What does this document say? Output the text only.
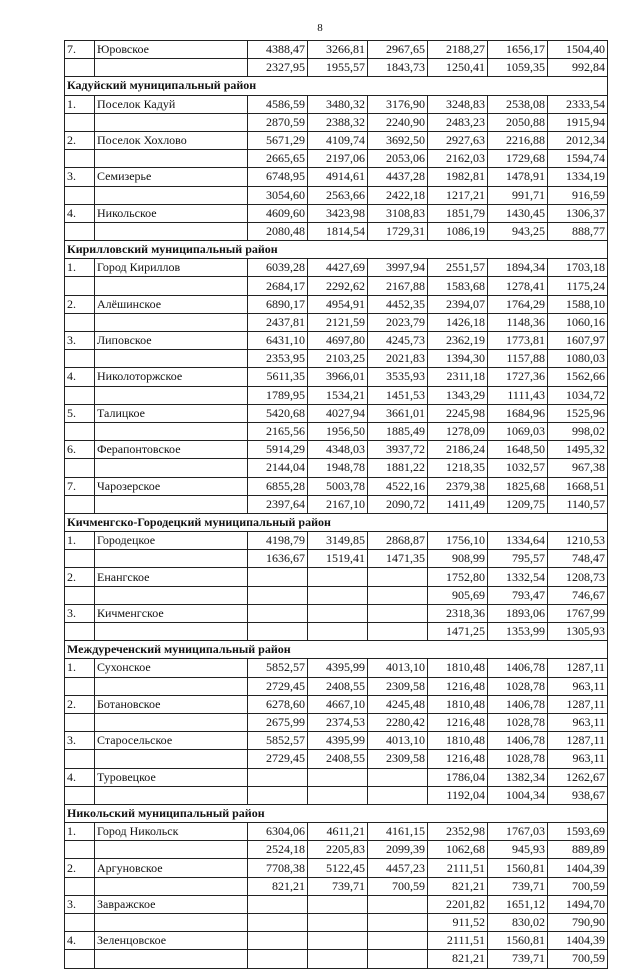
8
7.	Юровское	4388,47	3266,81	2967,65	2188,27	1656,17	1504,40
		2327,95	1955,57	1843,73	1250,41	1059,35	992,84
Кадуйский муниципальный район							
1.	Поселок Кадуй	4586,59	3480,32	3176,90	3248,83	2538,08	2333,54
		2870,59	2388,32	2240,90	2483,23	2050,88	1915,94
2.	Поселок Хохлово	5671,29	4109,74	3692,50	2927,63	2216,88	2012,34
		2665,65	2197,06	2053,06	2162,03	1729,68	1594,74
3.	Семизерье	6748,95	4914,61	4437,28	1982,81	1478,91	1334,19
		3054,60	2563,66	2422,18	1217,21	991,71	916,59
4.	Никольское	4609,60	3423,98	3108,83	1851,79	1430,45	1306,37
		2080,48	1814,54	1729,31	1086,19	943,25	888,77
Кирилловский муниципальный район							
1.	Город Кириллов	6039,28	4427,69	3997,94	2551,57	1894,34	1703,18
		2684,17	2292,62	2167,88	1583,68	1278,41	1175,24
2.	Алёшинское	6890,17	4954,91	4452,35	2394,07	1764,29	1588,10
		2437,81	2121,59	2023,79	1426,18	1148,36	1060,16
3.	Липовское	6431,10	4697,80	4245,73	2362,19	1773,81	1607,97
		2353,95	2103,25	2021,83	1394,30	1157,88	1080,03
4.	Николоторжское	5611,35	3966,01	3535,93	2311,18	1727,36	1562,66
		1789,95	1534,21	1451,53	1343,29	1111,43	1034,72
5.	Талицкое	5420,68	4027,94	3661,01	2245,98	1684,96	1525,96
		2165,56	1956,50	1885,49	1278,09	1069,03	998,02
6.	Ферапонтовское	5914,29	4348,03	3937,72	2186,24	1648,50	1495,32
		2144,04	1948,78	1881,22	1218,35	1032,57	967,38
7.	Чарозерское	6855,28	5003,78	4522,16	2379,38	1825,68	1668,51
		2397,64	2167,10	2090,72	1411,49	1209,75	1140,57
Кичменгско-Городецкий муниципальный район							
1.	Городецкое	4198,79	3149,85	2868,87	1756,10	1334,64	1210,53
		1636,67	1519,41	1471,35	908,99	795,57	748,47
2.	Енангское				1752,80	1332,54	1208,73
					905,69	793,47	746,67
3.	Кичменгское				2318,36	1893,06	1767,99
					1471,25	1353,99	1305,93
Междуреченский муниципальный район							
1.	Сухонское	5852,57	4395,99	4013,10	1810,48	1406,78	1287,11
		2729,45	2408,55	2309,58	1216,48	1028,78	963,11
2.	Ботановское	6278,60	4667,10	4245,48	1810,48	1406,78	1287,11
		2675,99	2374,53	2280,42	1216,48	1028,78	963,11
3.	Старосельское	5852,57	4395,99	4013,10	1810,48	1406,78	1287,11
		2729,45	2408,55	2309,58	1216,48	1028,78	963,11
4.	Туровецкое				1786,04	1382,34	1262,67
					1192,04	1004,34	938,67
Никольский муниципальный район							
1.	Город Никольск	6304,06	4611,21	4161,15	2352,98	1767,03	1593,69
		2524,18	2205,83	2099,39	1062,68	945,93	889,89
2.	Аргуновское	7708,38	5122,45	4457,23	2111,51	1560,81	1404,39
		821,21	739,71	700,59	821,21	739,71	700,59
3.	Завражское				2201,82	1651,12	1494,70
					911,52	830,02	790,90
4.	Зеленцовское				2111,51	1560,81	1404,39
					821,21	739,71	700,59
